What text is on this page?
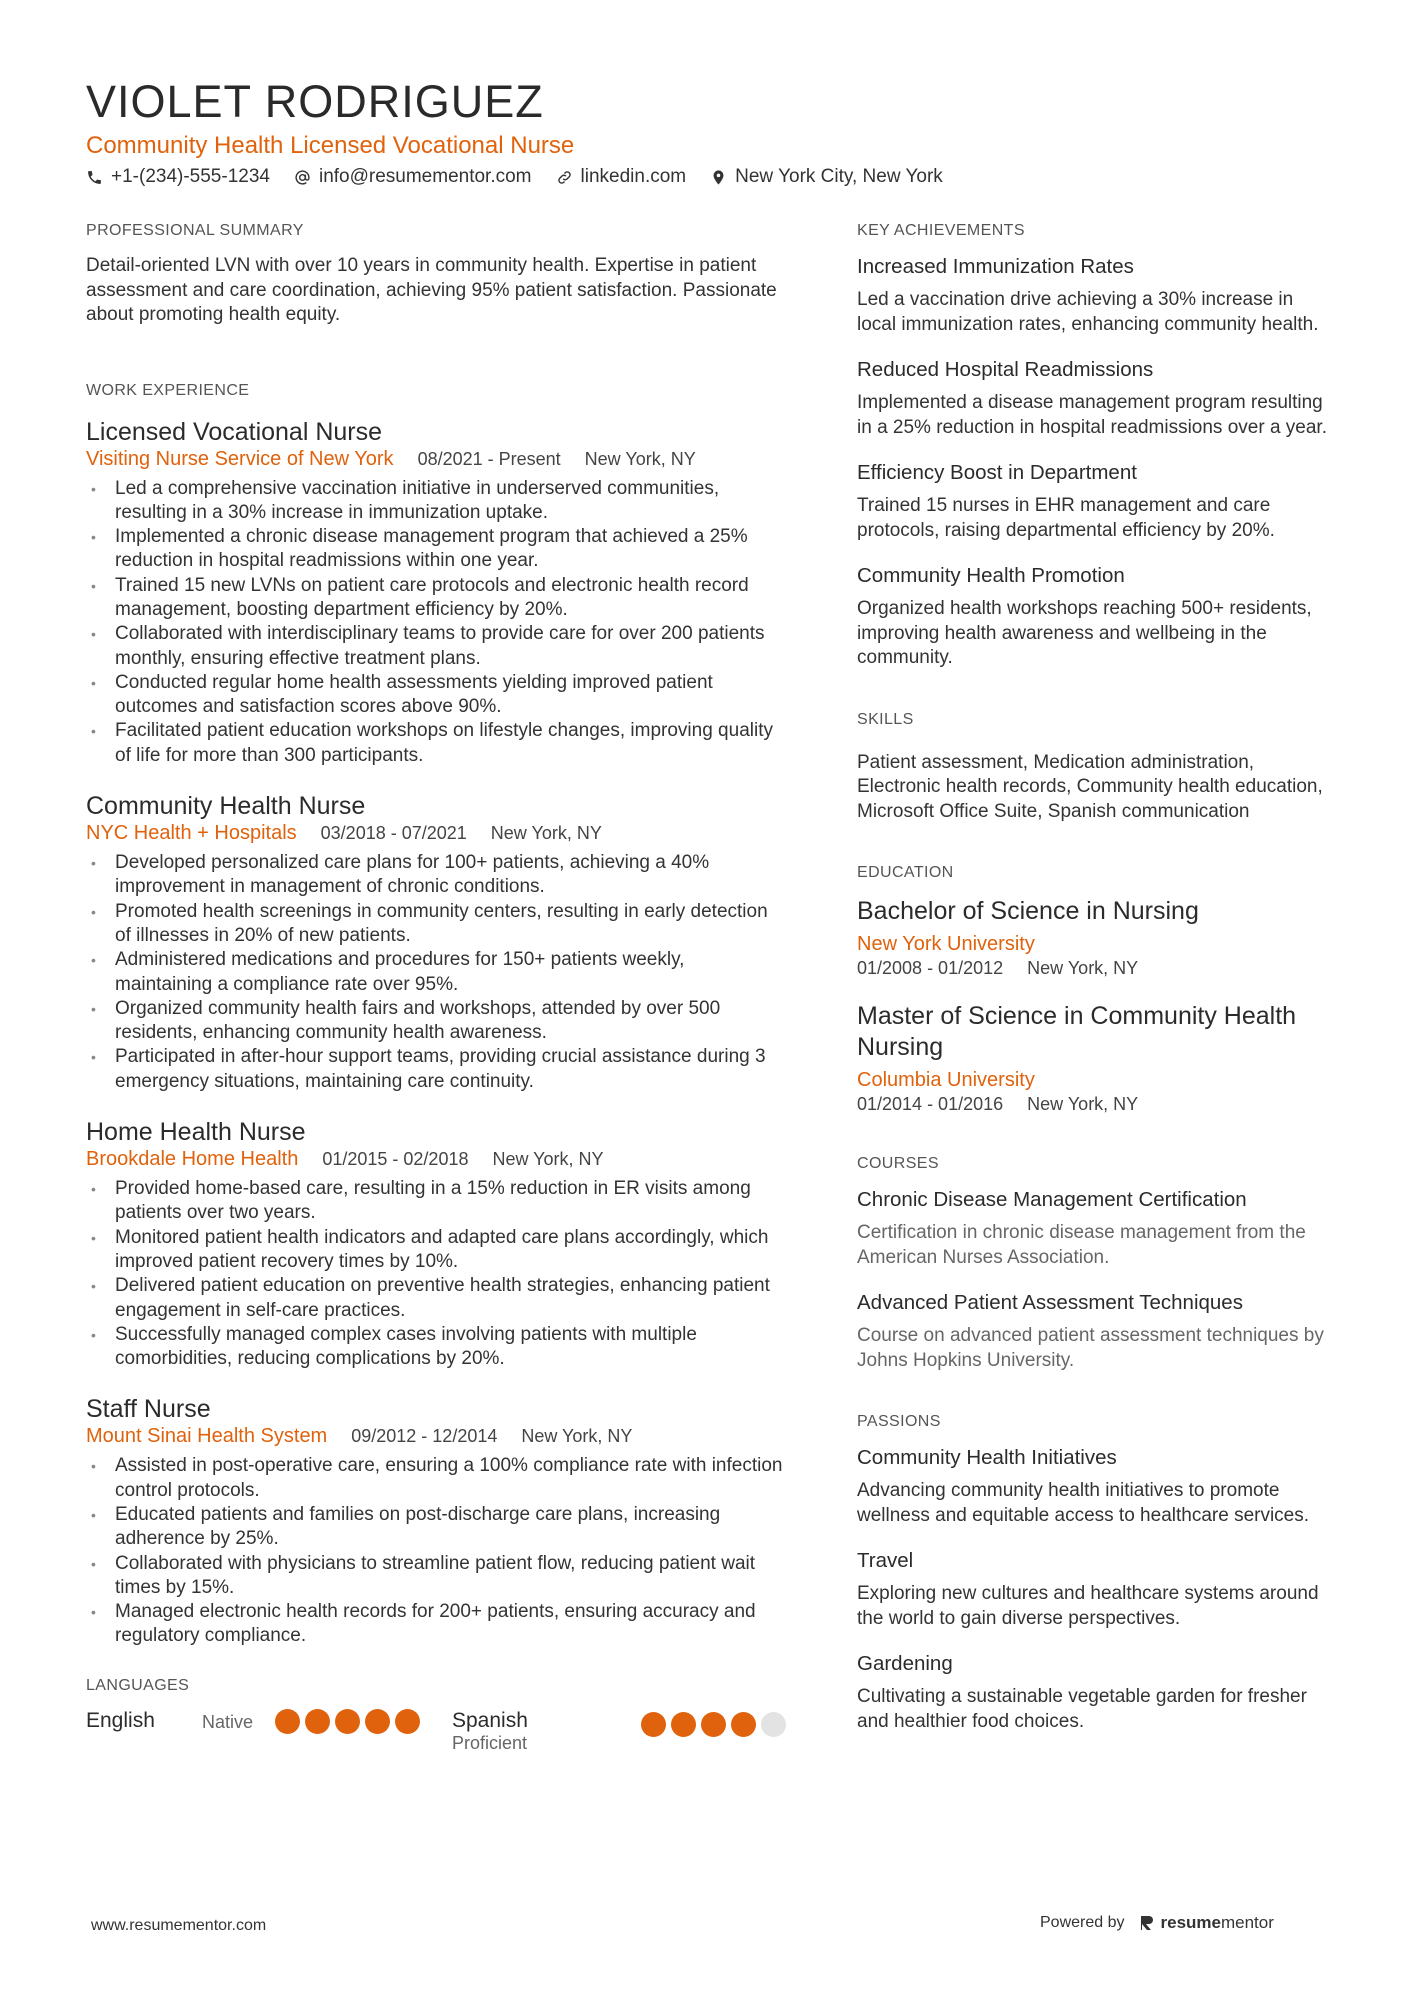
VIOLET RODRIGUEZ
Community Health Licensed Vocational Nurse
+1-(234)-555-1234	info@resumementor.com	linkedin.com	New York City, New York
PROFESSIONAL SUMMARY

Detail-oriented LVN with over 10 years in community health. Expertise in patient assessment and care coordination, achieving 95% patient satisfaction. Passionate about promoting health equity.

WORK EXPERIENCE
Licensed Vocational Nurse
Visiting Nurse Service of New York 08/2021 - Present New York, NY
• Led a comprehensive vaccination initiative in underserved communities, resulting in a 30% increase in immunization uptake.
• Implemented a chronic disease management program that achieved a 25% reduction in hospital readmissions within one year.
• Trained 15 new LVNs on patient care protocols and electronic health record management, boosting department efficiency by 20%.
• Collaborated with interdisciplinary teams to provide care for over 200 patients monthly, ensuring effective treatment plans.
• Conducted regular home health assessments yielding improved patient outcomes and satisfaction scores above 90%.
• Facilitated patient education workshops on lifestyle changes, improving quality of life for more than 300 participants.
Community Health Nurse
NYC Health + Hospitals 03/2018 - 07/2021 New York, NY
• Developed personalized care plans for 100+ patients, achieving a 40% improvement in management of chronic conditions.
• Promoted health screenings in community centers, resulting in early detection of illnesses in 20% of new patients.
• Administered medications and procedures for 150+ patients weekly, maintaining a compliance rate over 95%.
• Organized community health fairs and workshops, attended by over 500 residents, enhancing community health awareness.
• Participated in after-hour support teams, providing crucial assistance during 3 emergency situations, maintaining care continuity.
Home Health Nurse
Brookdale Home Health 01/2015 - 02/2018 New York, NY
• Provided home-based care, resulting in a 15% reduction in ER visits among patients over two years.
• Monitored patient health indicators and adapted care plans accordingly, which improved patient recovery times by 10%.
• Delivered patient education on preventive health strategies, enhancing patient engagement in self-care practices.
• Successfully managed complex cases involving patients with multiple comorbidities, reducing complications by 20%.
Staff Nurse
Mount Sinai Health System 09/2012 - 12/2014 New York, NY
• Assisted in post-operative care, ensuring a 100% compliance rate with infection control protocols.
• Educated patients and families on post-discharge care plans, increasing adherence by 25%.
• Collaborated with physicians to streamline patient flow, reducing patient wait times by 15%.
• Managed electronic health records for 200+ patients, ensuring accuracy and regulatory compliance.
LANGUAGES
English	Native	Spanish
Proficient
KEY ACHIEVEMENTS
Increased Immunization Rates

Led a vaccination drive achieving a 30% increase in local immunization rates, enhancing community health.

Reduced Hospital Readmissions

Implemented a disease management program resulting in a 25% reduction in hospital readmissions over a year.

Efficiency Boost in Department

Trained 15 nurses in EHR management and care protocols, raising departmental efficiency by 20%.

Community Health Promotion

Organized health workshops reaching 500+ residents, improving health awareness and wellbeing in the community.

SKILLS

Patient assessment, Medication administration, Electronic health records, Community health education, Microsoft Office Suite, Spanish communication

EDUCATION
Bachelor of Science in Nursing
New York University
01/2008 - 01/2012 New York, NY
Master of Science in Community Health Nursing
Columbia University
01/2014 - 01/2016 New York, NY
COURSES
Chronic Disease Management Certification

Certification in chronic disease management from the American Nurses Association.

Advanced Patient Assessment Techniques

Course on advanced patient assessment techniques by Johns Hopkins University.

PASSIONS
Community Health Initiatives

Advancing community health initiatives to promote wellness and equitable access to healthcare services.

Travel

Exploring new cultures and healthcare systems around the world to gain diverse perspectives.

Gardening

Cultivating a sustainable vegetable garden for fresher and healthier food choices.

www.resumementor.com	Powered by resumementor
